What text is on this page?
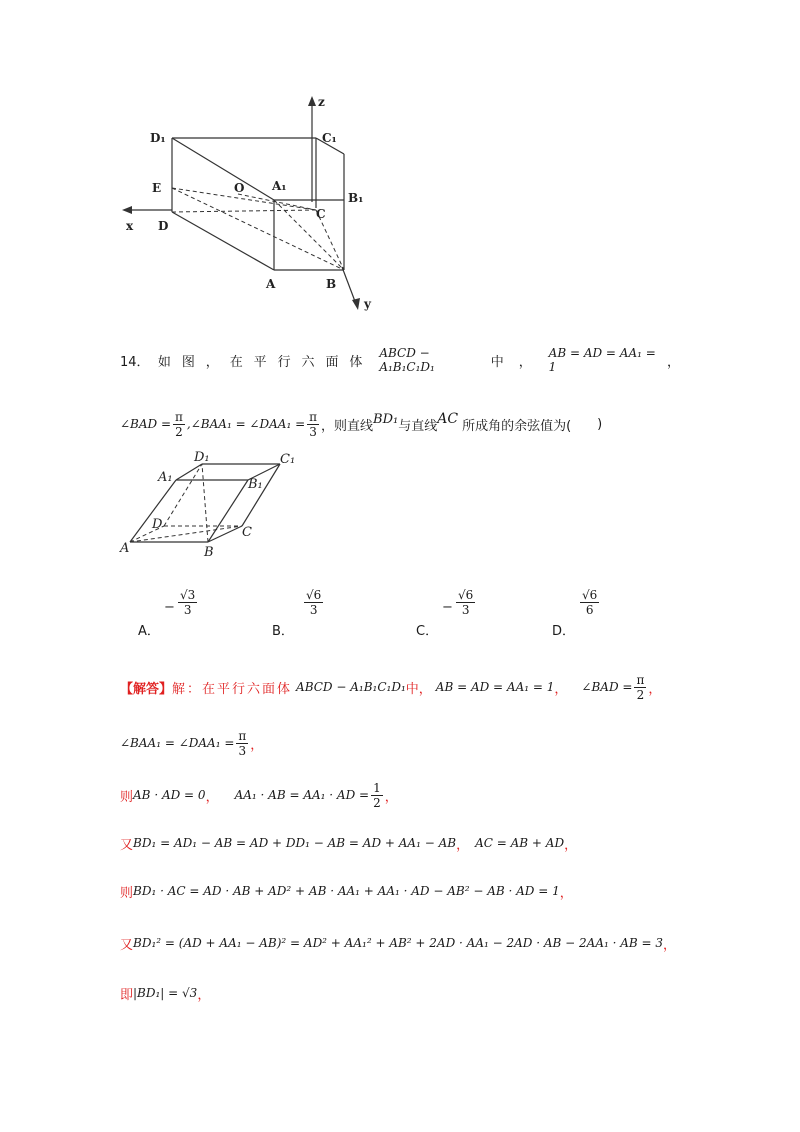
z
x
y
D₁	C₁
B₁
A₁
E	O
C
D
A	B
14． 如 图 ， 在 平 行 六 面 体
ABCD − A₁B₁C₁D₁	中	，
AB = AD = AA₁ = 1	，
∠BAD = $\frac{\pi}{2}$ ,∠BAA₁ = ∠DAA₁ = $\frac{\pi}{3}$ ，则直线 BD₁ 与直线 AC 所成角的余弦值为( )
D₁	C₁
A₁	B₁
D
C
A	B
A．
− $\frac{√3}{3}$
B．
$\frac{√6}{3}$
C．
− $\frac{√6}{3}$
D．
$\frac{√6}{6}$
【解答】 解：在平行六面体 ABCD − A₁B₁C₁D₁ 中， AB = AD = AA₁ = 1 ， ∠BAD = $\frac{\pi}{2}$ ，
∠BAA₁ = ∠DAA₁ = $\frac{\pi}{3}$ ，
则 AB · AD = 0 ， AA₁ · AB = AA₁ · AD = $\frac{1}{2}$ ，
又 BD₁ = AD₁ − AB = AD + DD₁ − AB = AD + AA₁ − AB ， AC = AB + AD ，
则 BD₁ · AC = AD · AB + AD² + AB · AA₁ + AA₁ · AD − AB² − AB · AD = 1 ，
又 BD₁² = (AD + AA₁ − AB)² = AD² + AA₁² + AB² + 2AD · AA₁ − 2AD · AB − 2AA₁ · AB = 3 ，
即 |BD₁| = √3 ，
